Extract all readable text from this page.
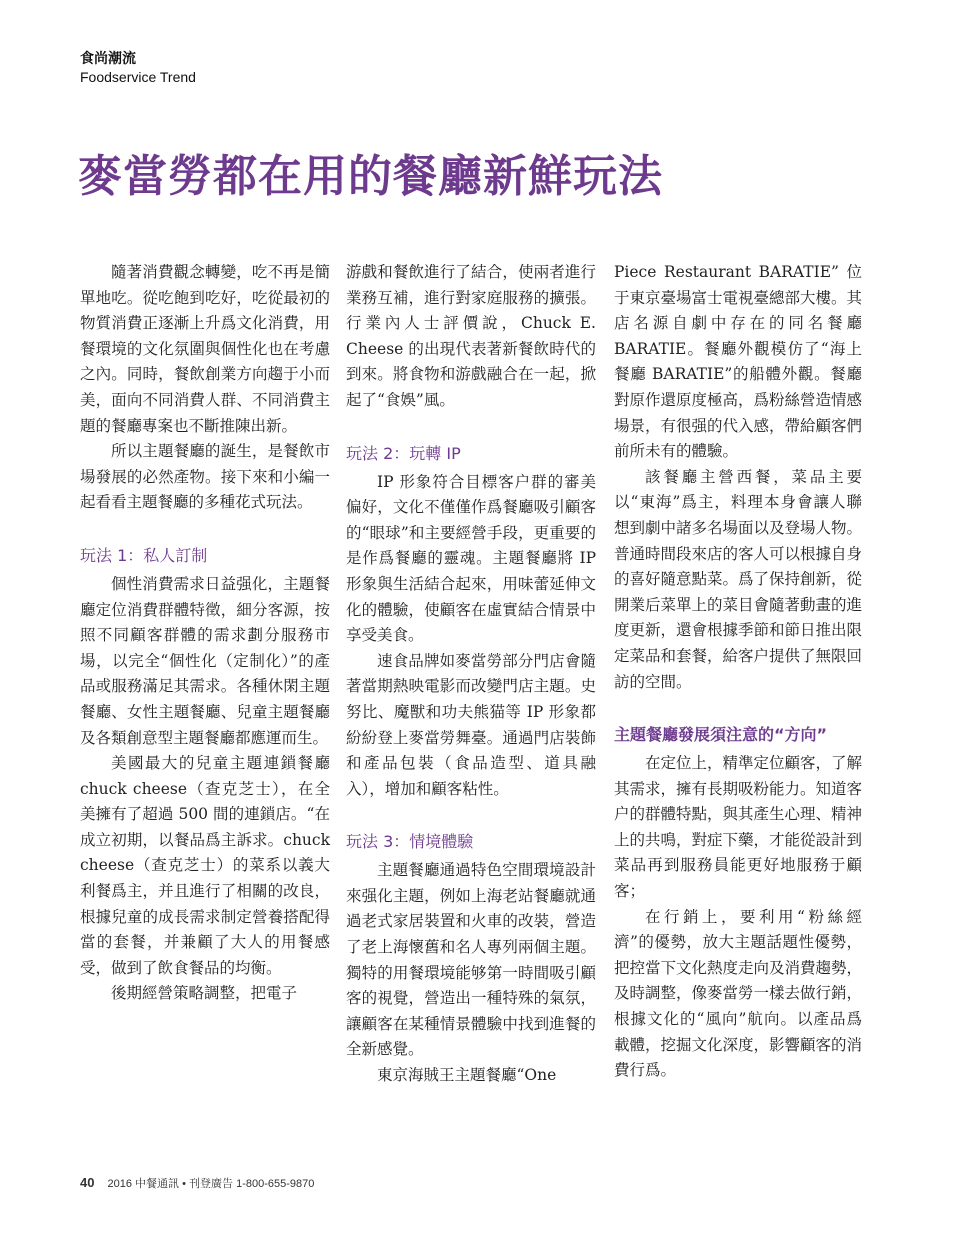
食尚潮流

Foodservice Trend

麥當勞都在用的餐廳新鮮玩法

隨著消費觀念轉變，吃不再是簡單地吃。從吃飽到吃好，吃從最初的物質消費正逐漸上升爲文化消費，用餐環境的文化氛圍與個性化也在考慮之內。同時，餐飲創業方向趨于小而美，面向不同消費人群、不同消費主題的餐廳專案也不斷推陳出新。

所以主題餐廳的誕生，是餐飲市場發展的必然產物。接下來和小編一起看看主題餐廳的多種花式玩法。

玩法 1：私人訂制

個性消費需求日益强化，主題餐廳定位消費群體特徵，細分客源，按照不同顧客群體的需求劃分服務市場，以完全“個性化（定制化）”的產品或服務滿足其需求。各種休閑主題餐廳、女性主題餐廳、兒童主題餐廳及各類創意型主題餐廳都應運而生。

美國最大的兒童主題連鎖餐廳 chuck cheese（查克芝士），在全美擁有了超過 500 間的連鎖店。“在成立初期，以餐品爲主訴求。chuck cheese（查克芝士）的菜系以義大利餐爲主，并且進行了相關的改良，根據兒童的成長需求制定營養搭配得當的套餐，并兼顧了大人的用餐感受，做到了飲食餐品的均衡。

後期經營策略調整，把電子

游戲和餐飲進行了結合，使兩者進行業務互補，進行對家庭服務的擴張。行業內人士評價說，Chuck E. Cheese 的出現代表著新餐飲時代的到來。將食物和游戲融合在一起，掀起了“食娛”風。

玩法 2：玩轉 IP

IP 形象符合目標客户群的審美偏好，文化不僅僅作爲餐廳吸引顧客的“眼球”和主要經營手段，更重要的是作爲餐廳的靈魂。主題餐廳將 IP 形象與生活結合起來，用味蕾延伸文化的體驗，使顧客在虛實結合情景中享受美食。

速食品牌如麥當勞部分門店會隨著當期熱映電影而改變門店主題。史努比、魔獸和功夫熊猫等 IP 形象都紛紛登上麥當勞舞臺。通過門店裝飾和產品包裝（食品造型、道具融入），增加和顧客粘性。

玩法 3：情境體驗

主題餐廳通過特色空間環境設計來强化主題，例如上海老站餐廳就通過老式家居裝置和火車的改裝，營造了老上海懷舊和名人專列兩個主題。獨特的用餐環境能够第一時間吸引顧客的視覺，營造出一種特殊的氣氛，讓顧客在某種情景體驗中找到進餐的全新感覺。

東京海賊王主題餐廳“One

Piece Restaurant BARATIE” 位于東京臺場富士電視臺總部大樓。其店名源自劇中存在的同名餐廳 BARATIE。餐廳外觀模仿了“海上餐廳 BARATIE”的船體外觀。餐廳對原作還原度極高，爲粉絲營造情感場景，有很强的代入感，帶給顧客們前所未有的體驗。

該餐廳主營西餐，菜品主要以“東海”爲主，料理本身會讓人聯想到劇中諸多名場面以及登場人物。普通時間段來店的客人可以根據自身的喜好隨意點菜。爲了保持創新，從開業后菜單上的菜目會隨著動畫的進度更新，還會根據季節和節日推出限定菜品和套餐，給客户提供了無限回訪的空間。

主題餐廳發展須注意的“方向”

在定位上，精準定位顧客，了解其需求，擁有長期吸粉能力。知道客户的群體特點，與其產生心理、精神上的共鳴，對症下藥，才能從設計到菜品再到服務員能更好地服務于顧客；

在行銷上，要利用“粉絲經濟”的優勢，放大主題話題性優勢，把控當下文化熱度走向及消費趨勢，及時調整，像麥當勞一樣去做行銷，根據文化的“風向”航向。以產品爲載體，挖掘文化深度，影響顧客的消費行爲。

40 2016 中餐通訊 • 刊登廣告 1-800-655-9870
